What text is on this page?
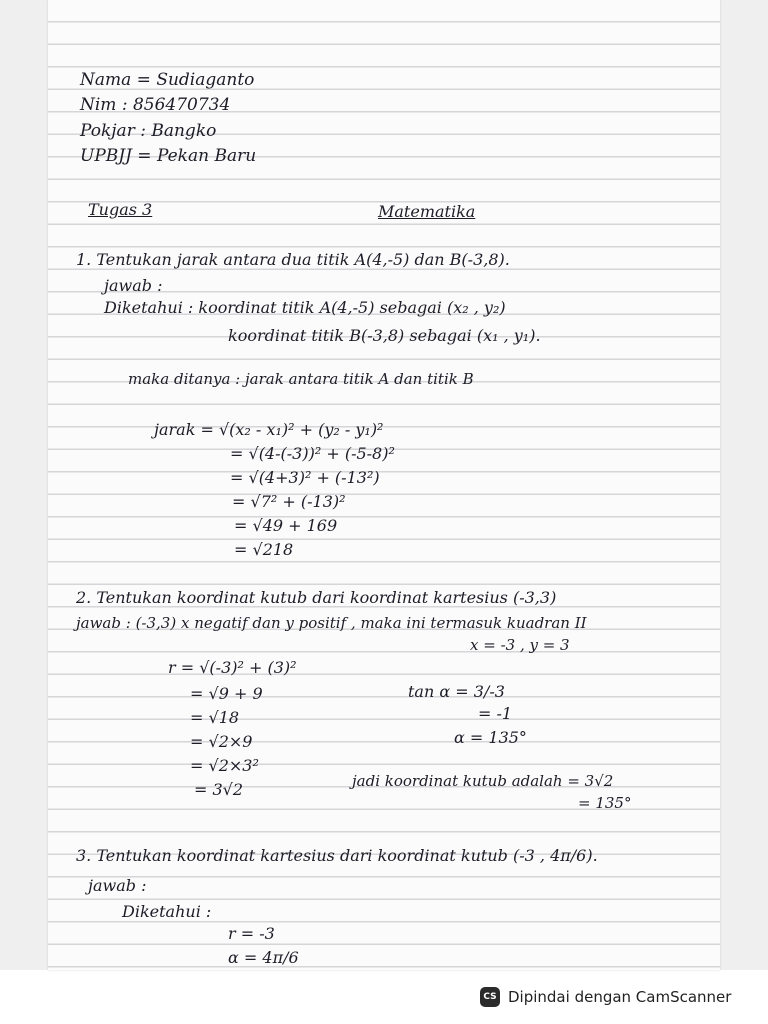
Nama = Sudiaganto
Nim : 856470734
Pokjar : Bangko
UPBJJ = Pekan Baru
Tugas 3	Matematika
1. Tentukan jarak antara dua titik A(4,-5) dan B(-3,8).
jawab :
Diketahui : koordinat titik A(4,-5) sebagai (x₂ , y₂)
koordinat titik B(-3,8) sebagai (x₁ , y₁).
maka ditanya : jarak antara titik A dan titik B
jarak = √(x₂ - x₁)² + (y₂ - y₁)²
= √(4-(-3))² + (-5-8)²
= √(4+3)² + (-13²)
= √7² + (-13)²
= √49 + 169
= √218
2. Tentukan koordinat kutub dari koordinat kartesius (-3,3)
jawab : (-3,3) x negatif dan y positif , maka ini termasuk kuadran II
x = -3 , y = 3
r = √(-3)² + (3)²
= √9 + 9
= √18
= √2×9
= √2×3²
= 3√2
tan α = 3/-3
= -1
α = 135°
jadi koordinat kutub adalah = 3√2
= 135°
3. Tentukan koordinat kartesius dari koordinat kutub (-3 , 4π/6).
jawab :
Diketahui :
r = -3
α = 4π/6
CS Dipindai dengan CamScanner
